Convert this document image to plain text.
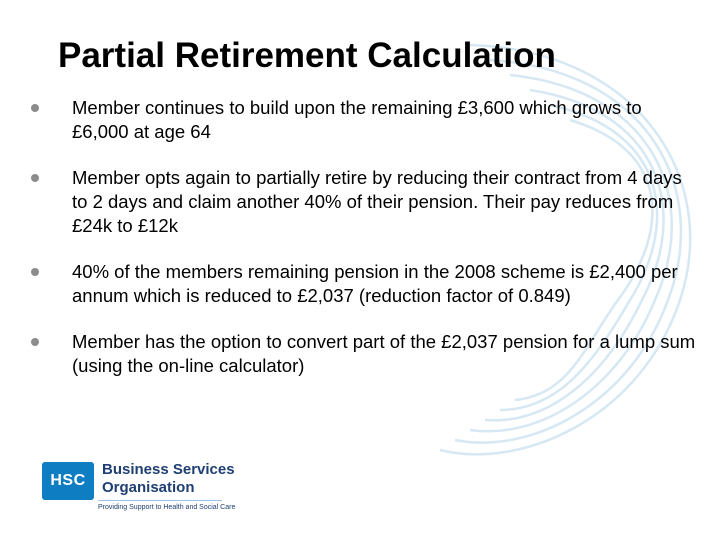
Partial Retirement Calculation
Member continues to build upon the remaining £3,600 which grows to £6,000 at age 64
Member opts again to partially retire by reducing their contract from 4 days to 2 days and claim another 40% of their pension. Their pay reduces from £24k to £12k
40% of the members remaining pension in the 2008 scheme is £2,400 per annum which is reduced to £2,037 (reduction factor of 0.849)
Member has the option to convert part of the £2,037 pension for a lump sum (using the on-line calculator)
HSC
Business Services
Organisation
Providing Support to Health and Social Care
